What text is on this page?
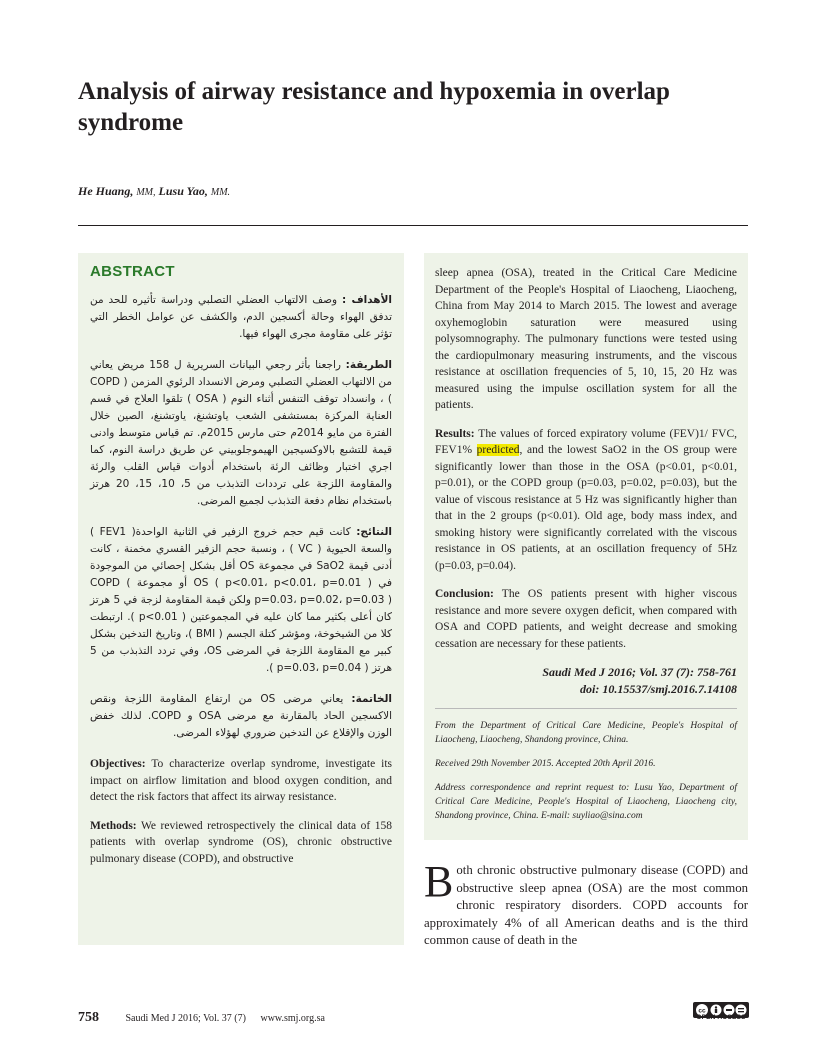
Analysis of airway resistance and hypoxemia in overlap syndrome
He Huang, MM, Lusu Yao, MM.
ABSTRACT

الأهداف : وصف الالتهاب العضلي التصلبي ودراسة تأثيره للحد من تدفق الهواء وحالة أكسجين الدم، والكشف عن عوامل الخطر التي تؤثر على مقاومة مجرى الهواء فيها.

الطريقة: راجعنا بأثر رجعي البيانات السريرية ل 158 مريض يعاني من الالتهاب العضلي التصلبي ومرض الانسداد الرئوي المزمن ( COPD ) ، وانسداد توقف التنفس أثناء النوم ( OSA ) تلقوا العلاج في قسم العناية المركزة بمستشفى الشعب ياوتشنغ، ياوتشنغ، الصين خلال الفترة من مايو 2014م حتى مارس 2015م. تم قياس متوسط وادنى قيمة للتشبع بالاوكسيجين الهيموجلوبيني عن طريق دراسة النوم، كما اجري اختبار وظائف الرئة باستخدام أدوات قياس القلب والرئة والمقاومة اللزجة على ترددات التذبذب من 5، 10، 15، 20 هرتز باستخدام نظام دفعة التذبذب لجميع المرضى.

النتائج: كانت قيم حجم خروج الزفير في الثانية الواحدة( FEV1 ) والسعة الحيوية ( VC ) ، ونسبة حجم الزفير القسري مخمنة ، كانت أدنى قيمة SaO2 في مجموعة OS أقل بشكل إحصائي من الموجودة في OS ( p<0.01، p<0.01، p=0.01 ) أو مجموعة COPD ( p=0.03، p=0.02، p=0.03 ) ولكن قيمة المقاومة لزجة في 5 هرتز كان أعلى بكثير مما كان عليه في المجموعتين ( p<0.01 ). ارتبطت كلا من الشيخوخة، ومؤشر كتلة الجسم ( BMI )، وتاريخ التدخين بشكل كبير مع المقاومة اللزجة في المرضى OS، وفي تردد التذبذب من 5 هرتز ( p=0.03، p=0.04 ).

الخاتمة: يعاني مرضى OS من ارتفاع المقاومة اللزجة ونقص الاكسجين الحاد بالمقارنة مع مرضى OSA و COPD. لذلك خفض الوزن والإقلاع عن التدخين ضروري لهؤلاء المرضى.

Objectives: To characterize overlap syndrome, investigate its impact on airflow limitation and blood oxygen condition, and detect the risk factors that affect its airway resistance.

Methods: We reviewed retrospectively the clinical data of 158 patients with overlap syndrome (OS), chronic obstructive pulmonary disease (COPD), and obstructive

sleep apnea (OSA), treated in the Critical Care Medicine Department of the People's Hospital of Liaocheng, Liaocheng, China from May 2014 to March 2015. The lowest and average oxyhemoglobin saturation were measured using polysomnography. The pulmonary functions were tested using the cardiopulmonary measuring instruments, and the viscous resistance at oscillation frequencies of 5, 10, 15, 20 Hz was measured using the impulse oscillation system for all the patients.

Results: The values of forced expiratory volume (FEV)1/ FVC, FEV1% predicted, and the lowest SaO2 in the OS group were significantly lower than those in the OSA (p<0.01, p<0.01, p=0.01), or the COPD group (p=0.03, p=0.02, p=0.03), but the value of viscous resistance at 5 Hz was significantly higher than that in the 2 groups (p<0.01). Old age, body mass index, and smoking history were significantly correlated with the viscous resistance in OS patients, at an oscillation frequency of 5Hz (p=0.03, p=0.04).

Conclusion: The OS patients present with higher viscous resistance and more severe oxygen deficit, when compared with OSA and COPD patients, and weight decrease and smoking cessation are necessary for these patients.

Saudi Med J 2016; Vol. 37 (7): 758-761
doi: 10.15537/smj.2016.7.14108

From the Department of Critical Care Medicine, People's Hospital of Liaocheng, Liaocheng, Shandong province, China.

Received 29th November 2015. Accepted 20th April 2016.

Address correspondence and reprint request to: Lusu Yao, Department of Critical Care Medicine, People's Hospital of Liaocheng, Liaocheng city, Shandong province, China. E-mail: suyliao@sina.com

Both chronic obstructive pulmonary disease (COPD) and obstructive sleep apnea (OSA) are the most common chronic respiratory disorders. COPD accounts for approximately 4% of all American deaths and is the third common cause of death in the

758	Saudi Med J 2016; Vol. 37 (7) www.smj.org.sa
cc
OPEN ACCESS
